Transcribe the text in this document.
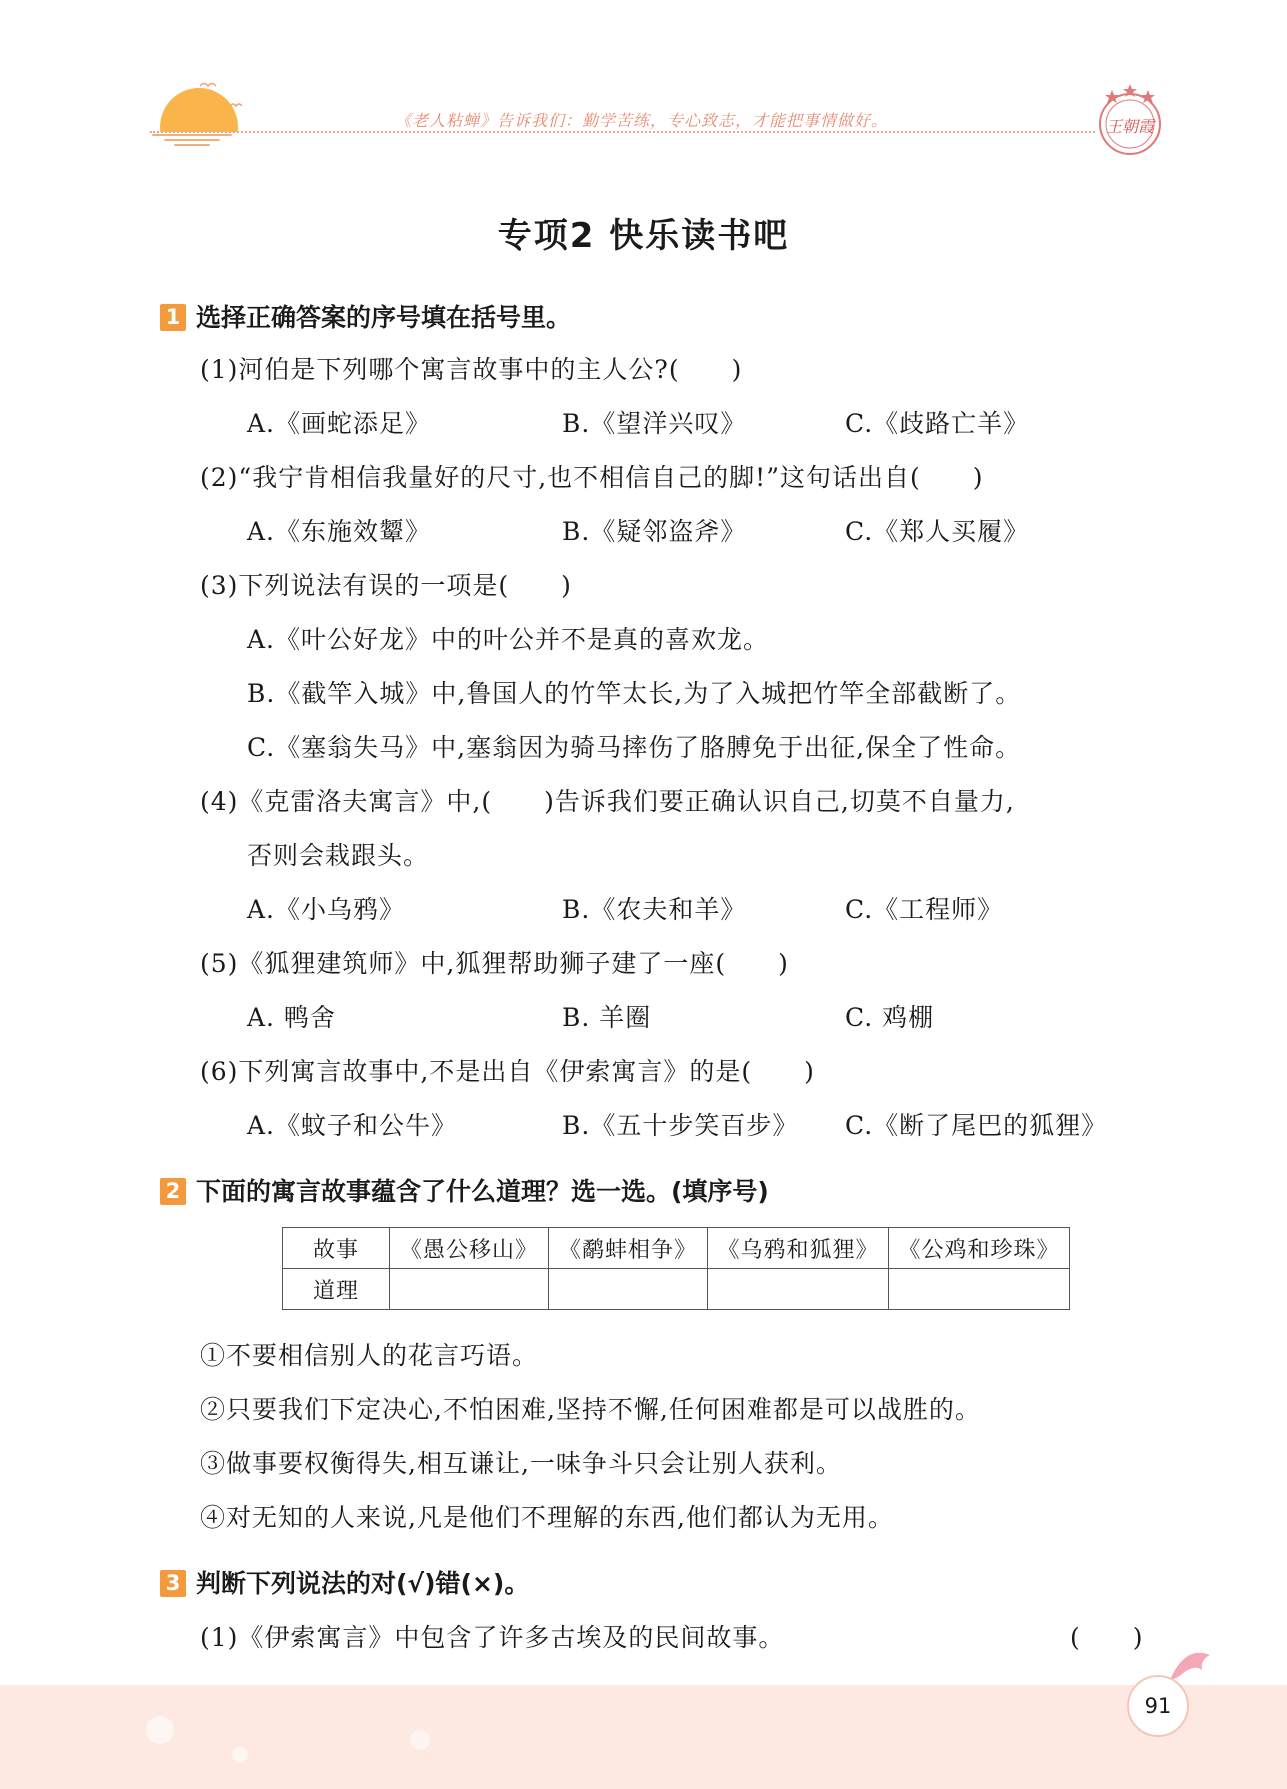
《老人粘蝉》告诉我们：勤学苦练，专心致志，才能把事情做好。	王朝霞
专项2 快乐读书吧
1 选择正确答案的序号填在括号里。
(1)河伯是下列哪个寓言故事中的主人公?(　　)
A.《画蛇添足》	B.《望洋兴叹》	C.《歧路亡羊》
(2)“我宁肯相信我量好的尺寸,也不相信自己的脚!”这句话出自(　　)
A.《东施效颦》	B.《疑邻盗斧》	C.《郑人买履》
(3)下列说法有误的一项是(　　)
A.《叶公好龙》中的叶公并不是真的喜欢龙。
B.《截竿入城》中,鲁国人的竹竿太长,为了入城把竹竿全部截断了。
C.《塞翁失马》中,塞翁因为骑马摔伤了胳膊免于出征,保全了性命。
(4)《克雷洛夫寓言》中,(　　)告诉我们要正确认识自己,切莫不自量力,
否则会栽跟头。
A.《小乌鸦》	B.《农夫和羊》	C.《工程师》
(5)《狐狸建筑师》中,狐狸帮助狮子建了一座(　　)
A. 鸭舍	B. 羊圈	C. 鸡棚
(6)下列寓言故事中,不是出自《伊索寓言》的是(　　)
A.《蚊子和公牛》	B.《五十步笑百步》 C.《断了尾巴的狐狸》
2 下面的寓言故事蕴含了什么道理？选一选。(填序号)
故事	《愚公移山》	《鹬蚌相争》	《乌鸦和狐狸》	《公鸡和珍珠》
道理				
①不要相信别人的花言巧语。
②只要我们下定决心,不怕困难,坚持不懈,任何困难都是可以战胜的。
③做事要权衡得失,相互谦让,一味争斗只会让别人获利。
④对无知的人来说,凡是他们不理解的东西,他们都认为无用。
3 判断下列说法的对(√)错(×)。
(1)《伊索寓言》中包含了许多古埃及的民间故事。	(　　)
91
